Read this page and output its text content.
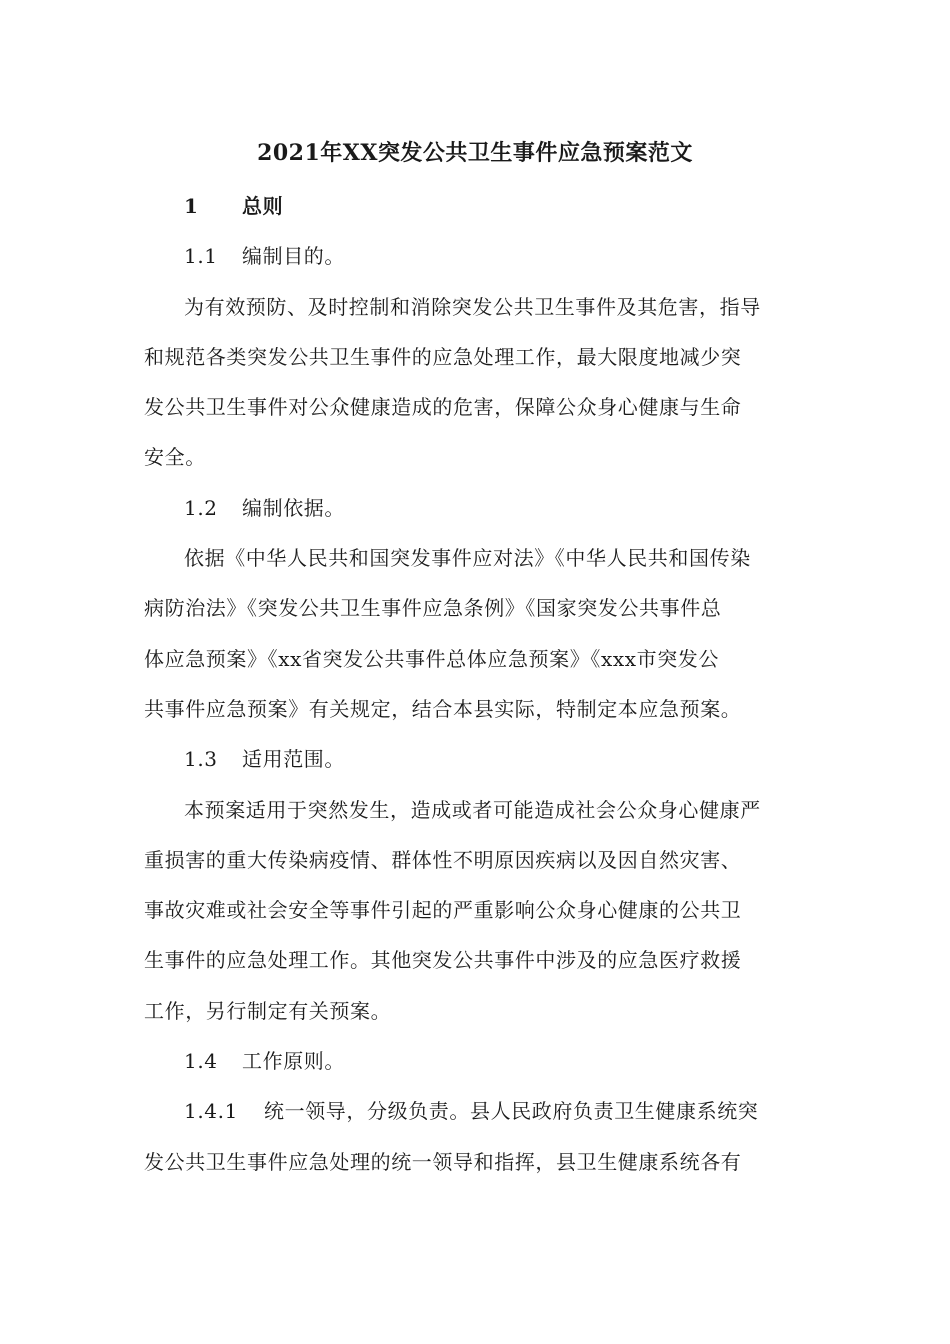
2021年XX突发公共卫生事件应急预案范文

1 总则

1.1 编制目的。

为有效预防、及时控制和消除突发公共卫生事件及其危害，指导

和规范各类突发公共卫生事件的应急处理工作，最大限度地减少突

发公共卫生事件对公众健康造成的危害，保障公众身心健康与生命

安全。

1.2 编制依据。

依据《中华人民共和国突发事件应对法》《中华人民共和国传染

病防治法》《突发公共卫生事件应急条例》《国家突发公共事件总

体应急预案》《xx省突发公共事件总体应急预案》《xxx市突发公

共事件应急预案》有关规定，结合本县实际，特制定本应急预案。

1.3 适用范围。

本预案适用于突然发生，造成或者可能造成社会公众身心健康严

重损害的重大传染病疫情、群体性不明原因疾病以及因自然灾害、

事故灾难或社会安全等事件引起的严重影响公众身心健康的公共卫

生事件的应急处理工作。其他突发公共事件中涉及的应急医疗救援

工作，另行制定有关预案。

1.4 工作原则。

1.4.1 统一领导，分级负责。县人民政府负责卫生健康系统突

发公共卫生事件应急处理的统一领导和指挥，县卫生健康系统各有
